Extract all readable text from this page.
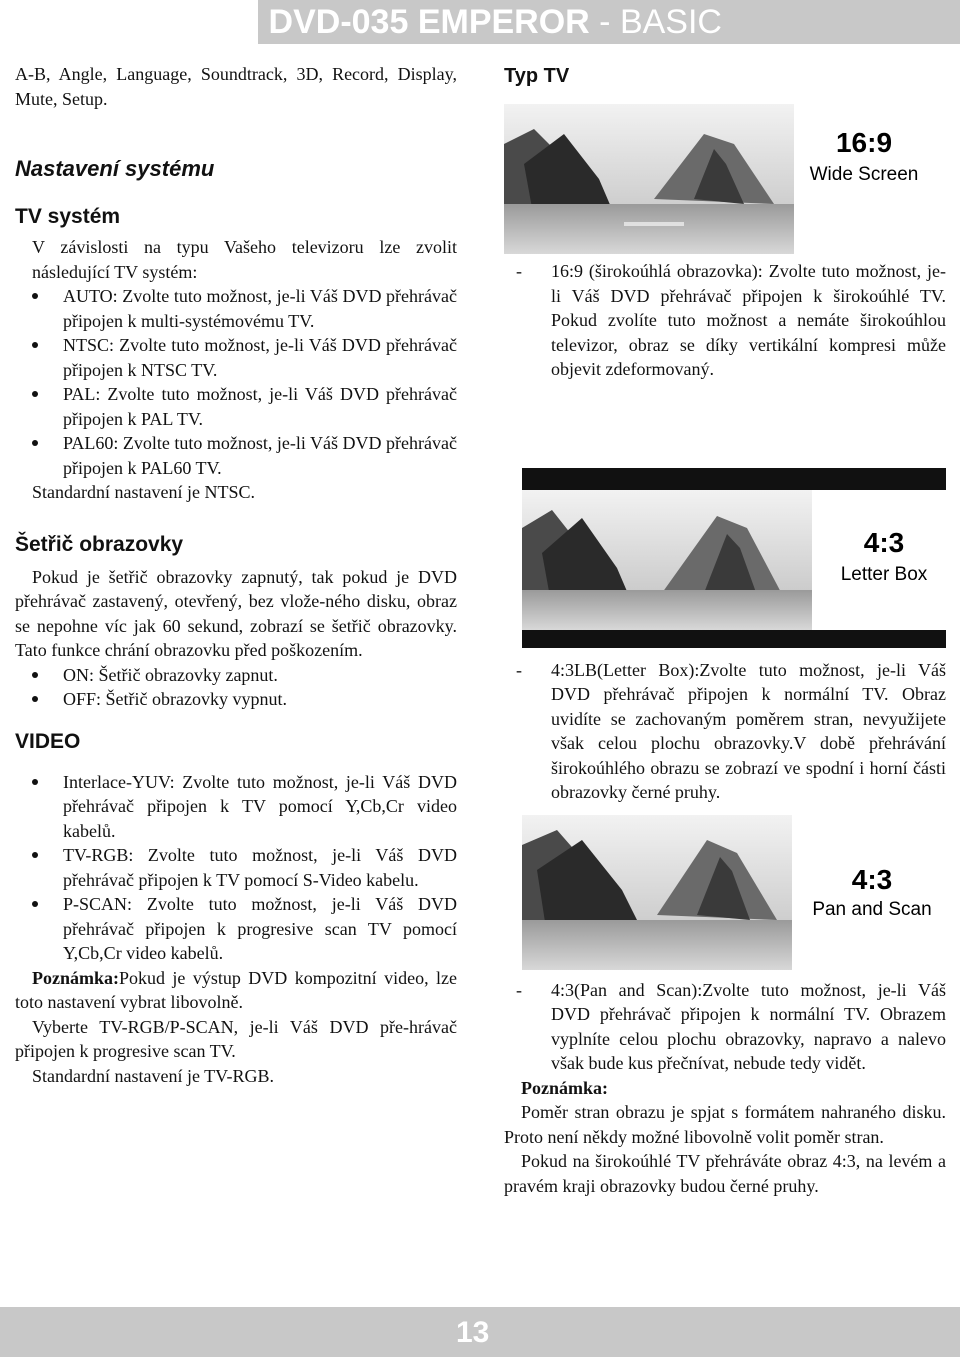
DVD-035 EMPEROR - BASIC

A-B, Angle, Language, Soundtrack, 3D, Record, Display, Mute, Setup.

Nastavení systému
TV systém

V závislosti na typu Vašeho televizoru lze zvolit následující TV systém:

AUTO: Zvolte tuto možnost, je-li Váš DVD přehrávač připojen k multi-systémovému TV.
NTSC: Zvolte tuto možnost, je-li Váš DVD přehrávač připojen k NTSC TV.
PAL: Zvolte tuto možnost, je-li Váš DVD přehrávač připojen k PAL TV.
PAL60: Zvolte tuto možnost, je-li Váš DVD přehrávač připojen k PAL60 TV.

Standardní nastavení je NTSC.

Šetřič obrazovky

Pokud je šetřič obrazovky zapnutý, tak pokud je DVD přehrávač zastavený, otevřený, bez vlože-ného disku, obraz se nepohne víc jak 60 sekund, zobrazí se šetřič obrazovky. Tato funkce chrání obrazovku před poškozením.

ON: Šetřič obrazovky zapnut.
OFF: Šetřič obrazovky vypnut.
VIDEO
Interlace-YUV: Zvolte tuto možnost, je-li Váš DVD přehrávač připojen k TV pomocí Y,Cb,Cr video kabelů.
TV-RGB: Zvolte tuto možnost, je-li Váš DVD přehrávač připojen k TV pomocí S-Video kabelu.
P-SCAN: Zvolte tuto možnost, je-li Váš DVD přehrávač připojen k progresive scan TV pomocí Y,Cb,Cr video kabelů.

Poznámka:Pokud je výstup DVD kompozitní video, lze toto nastavení vybrat libovolně.

Vyberte TV-RGB/P-SCAN, je-li Váš DVD pře-hrávač připojen k progresive scan TV.

Standardní nastavení je TV-RGB.

Typ TV
16:9
Wide Screen

- 16:9 (širokoúhlá obrazovka): Zvolte tuto možnost, je-li Váš DVD přehrávač připojen k širokoúhlé TV. Pokud zvolíte tuto možnost a nemáte širokoúhlou televizor, obraz se díky vertikální kompresi může objevit zdeformovaný.

4:3
Letter Box

- 4:3LB(Letter Box):Zvolte tuto možnost, je-li Váš DVD přehrávač připojen k normální TV. Obraz uvidíte se zachovaným poměrem stran, nevyužijete však celou plochu obrazovky.V době přehrávání širokoúhlého obrazu se zobrazí ve spodní i horní části obrazovky černé pruhy.

4:3
Pan and Scan

- 4:3(Pan and Scan):Zvolte tuto možnost, je-li Váš DVD přehrávač připojen k normální TV. Obrazem vyplníte celou plochu obrazovky, napravo a nalevo však bude kus přečnívat, nebude tedy vidět.

Poznámka:

Poměr stran obrazu je spjat s formátem nahraného disku. Proto není někdy možné libovolně volit poměr stran.

Pokud na širokoúhlé TV přehráváte obraz 4:3, na levém a pravém kraji obrazovky budou černé pruhy.

13
